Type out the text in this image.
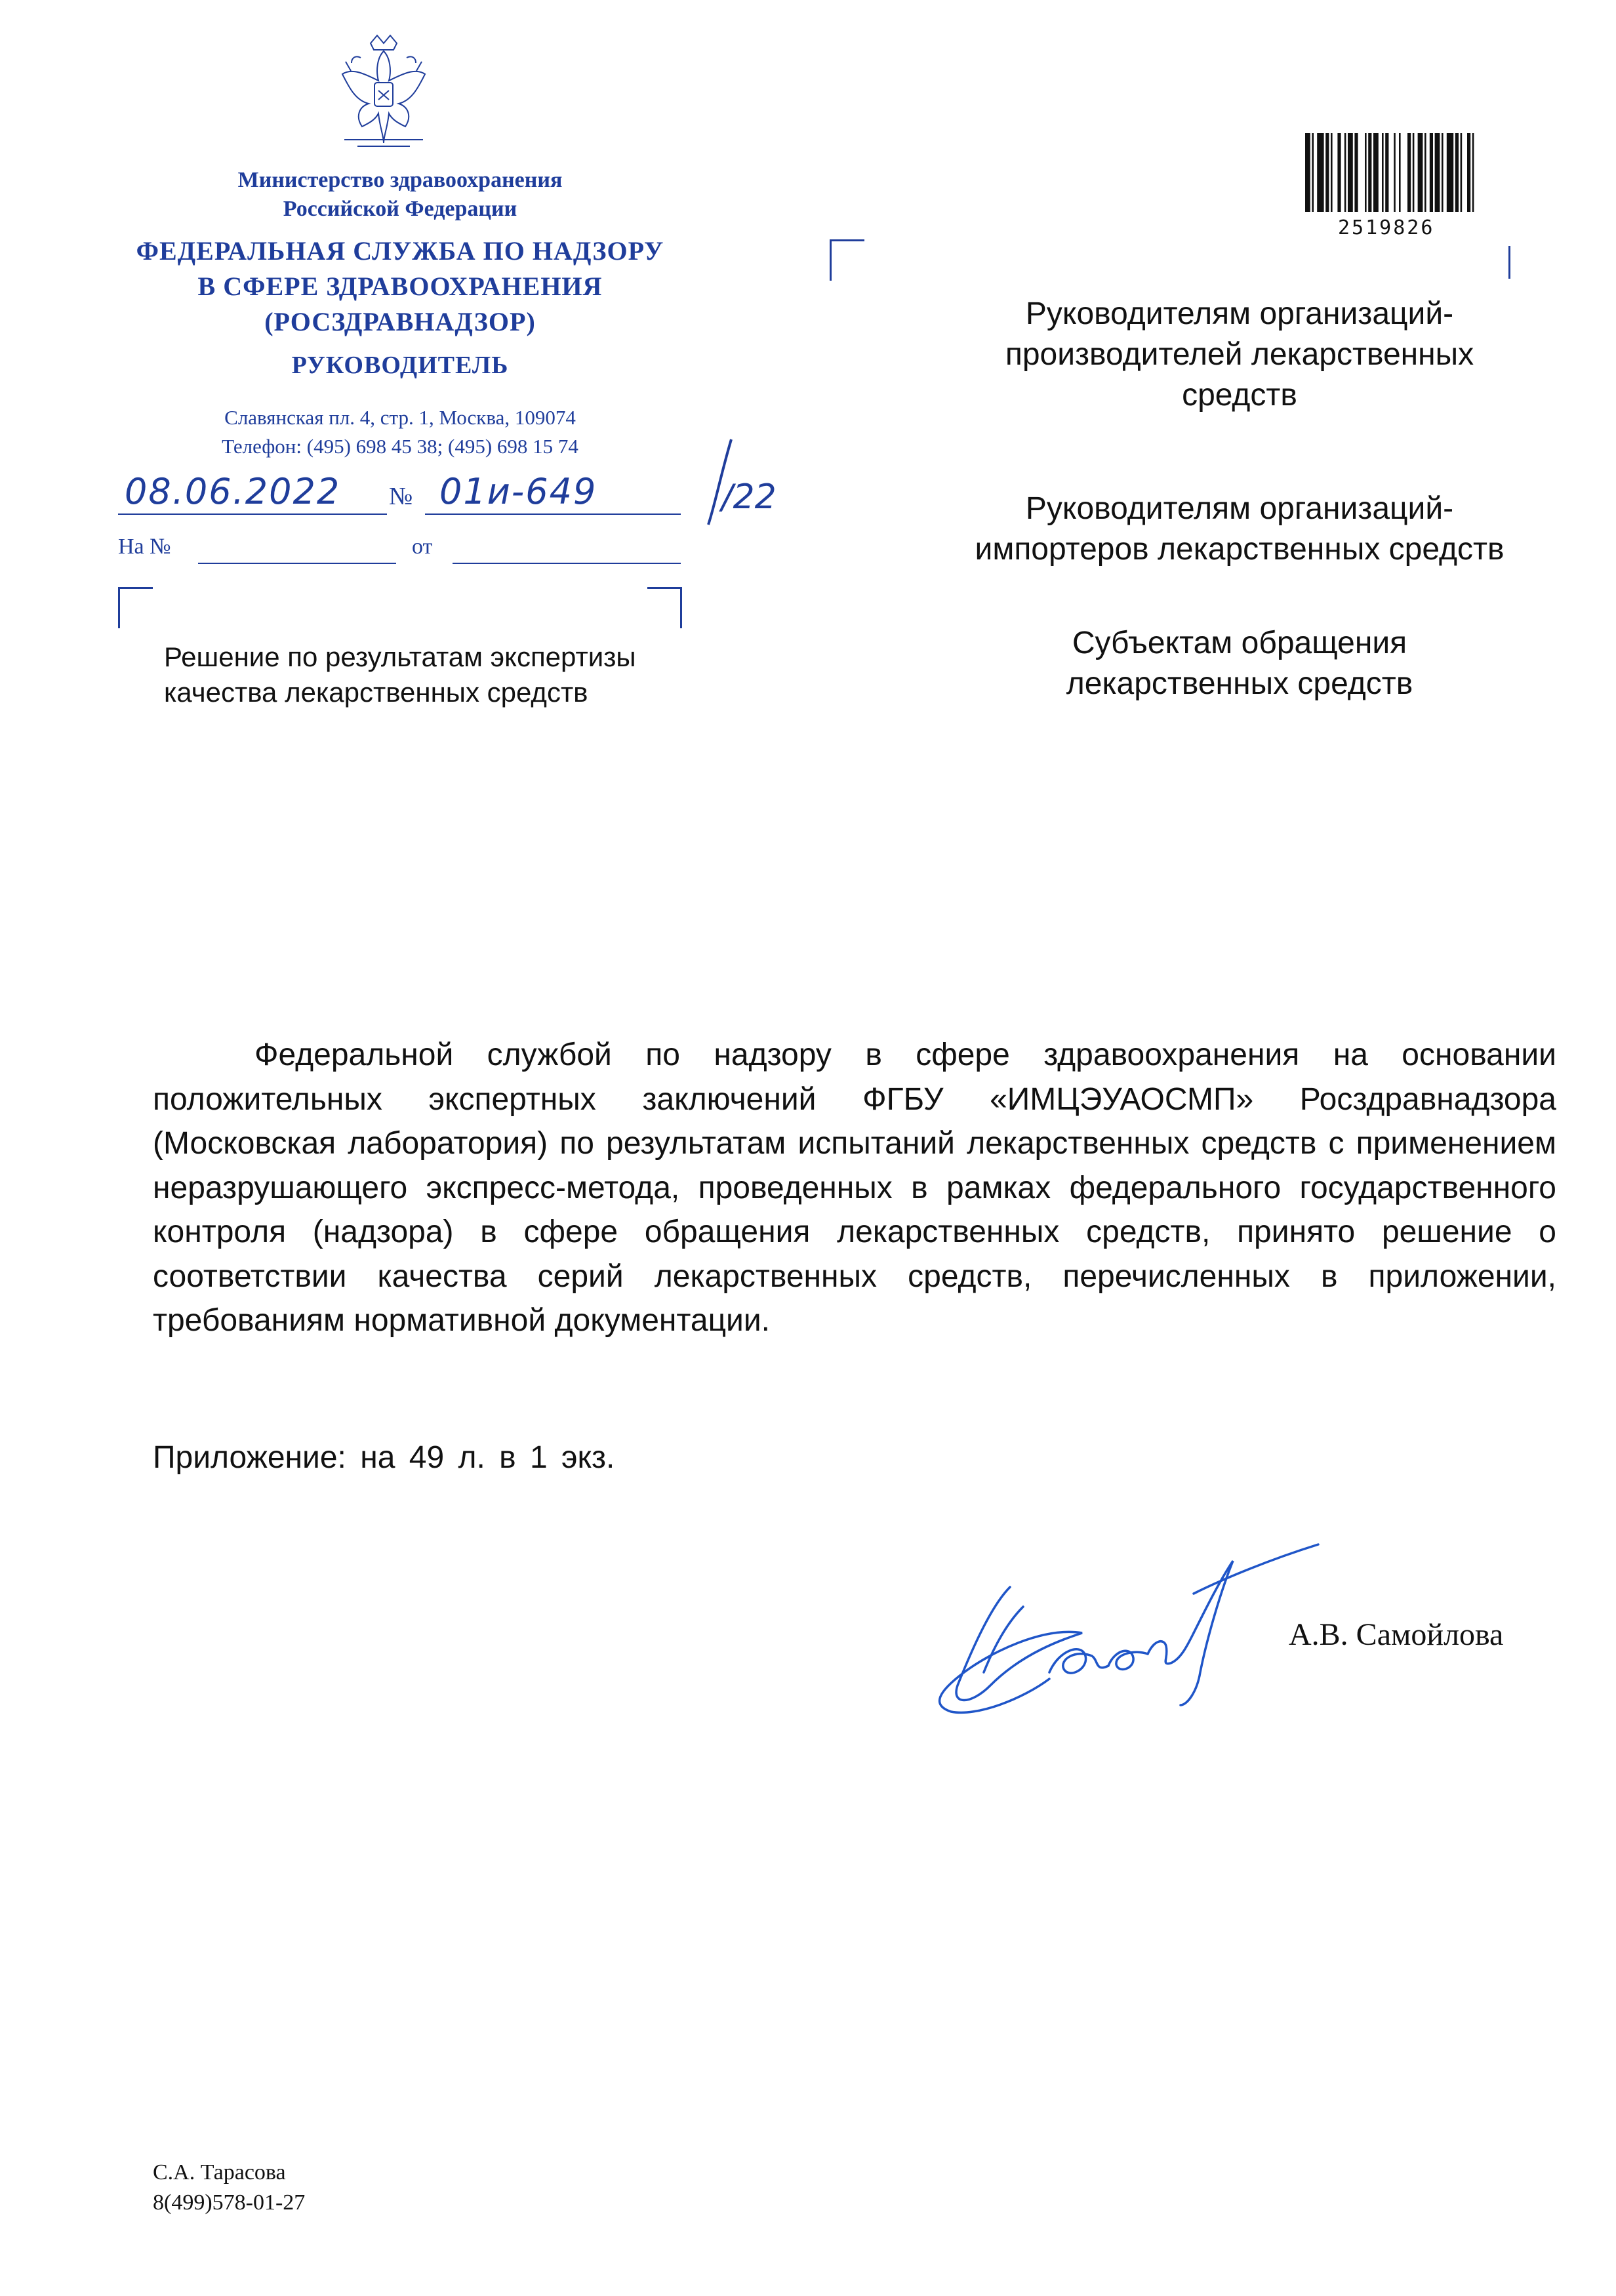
Министерство здравоохранения
Российской Федерации
ФЕДЕРАЛЬНАЯ СЛУЖБА ПО НАДЗОРУ
В СФЕРЕ ЗДРАВООХРАНЕНИЯ
(РОСЗДРАВНАДЗОР)
РУКОВОДИТЕЛЬ
Славянская пл. 4, стр. 1, Москва, 109074
Телефон: (495) 698 45 38; (495) 698 15 74
08.06.2022 № 01и-649	/22
На №	от
Решение по результатам экспертизы
качества лекарственных средств
2519826
Руководителям организаций-
производителей лекарственных
средств
Руководителям организаций-
импортеров лекарственных средств
Субъектам обращения
лекарственных средств

Федеральной службой по надзору в сфере здравоохранения на основании положительных экспертных заключений ФГБУ «ИМЦЭУАОСМП» Росздравнадзора (Московская лаборатория) по результатам испытаний лекарственных средств с применением неразрушающего экспресс-метода, проведенных в рамках федерального государственного контроля (надзора) в сфере обращения лекарственных средств, принято решение о соответствии качества серий лекарственных средств, перечисленных в приложении, требованиям нормативной документации.

Приложение: на 49 л. в 1 экз.
А.В. Самойлова
С.А. Тарасова
8(499)578-01-27
